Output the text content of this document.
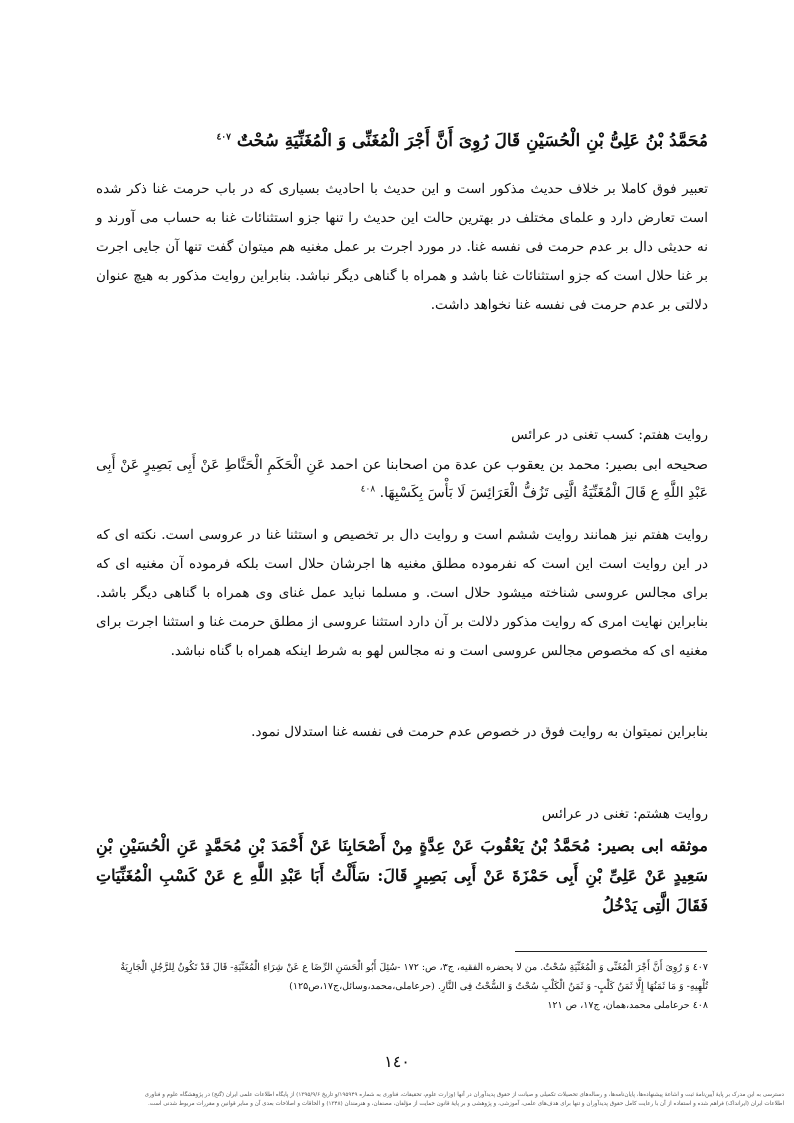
مُحَمَّدُ بْنُ عَلِیُّ بْنِ الْحُسَیْنِ قَالَ رُوِیَ أَنَّ أَجْرَ الْمُغَنِّی وَ الْمُغَنِّیَةِ سُحْتٌ $^{٤٠٧}$
تعبیر فوق کاملا بر خلاف حدیث مذکور است و این حدیث با احادیث بسیاری که در باب حرمت غنا ذکر شده است تعارض دارد و علمای مختلف در بهترین حالت این حدیث را تنها جزو استثنائات غنا به حساب می آورند و نه حدیثی دال بر عدم حرمت فی نفسه غنا. در مورد اجرت بر عمل مغنیه هم میتوان گفت تنها آن جایی اجرت بر غنا حلال است که جزو استثنائات غنا باشد و همراه با گناهی دیگر نباشد. بنابراین روایت مذکور به هیچ عنوان دلالتی بر عدم حرمت فی نفسه غنا نخواهد داشت.
روایت هفتم: کسب تغنی در عرائس
صحیحه ابی بصیر: محمد بن یعقوب عن عدة من اصحابنا عن احمد عَنِ الْحَكَمِ الْحَنَّاطِ عَنْ أَبِی بَصِیرٍ عَنْ أَبِی عَبْدِ اللَّهِ ع قَالَ الْمُغَنِّیَةُ الَّتِی تَزُفُّ الْعَرَائِسَ لَا بَأْسَ بِكَسْبِهَا. $^{٤٠٨}$
روایت هفتم نیز همانند روایت ششم است و روایت دال بر تخصیص و استثنا غنا در عروسی است. نکته ای که در این روایت است این است که نفرموده مطلق مغنیه ها اجرشان حلال است بلکه فرموده آن مغنیه ای که برای مجالس عروسی شناخته میشود حلال است. و مسلما نباید عمل غنای وی همراه با گناهی دیگر باشد. بنابراین نهایت امری که روایت مذکور دلالت بر آن دارد استثنا عروسی از مطلق حرمت غنا و استثنا اجرت برای مغنیه ای که مخصوص مجالس عروسی است و نه مجالس لهو به شرط اینکه همراه با گناه نباشد.
بنابراین نمیتوان به روایت فوق در خصوص عدم حرمت فی نفسه غنا استدلال نمود.
روایت هشتم: تغنی در عرائس
موثقه ابی بصیر: مُحَمَّدُ بْنُ یَعْقُوبَ عَنْ عِدَّةٍ مِنْ أَصْحَابِنَا عَنْ أَحْمَدَ بْنِ مُحَمَّدٍ عَنِ الْحُسَیْنِ بْنِ سَعِیدٍ عَنْ عَلِیِّ بْنِ أَبِی حَمْزَةَ عَنْ أَبِی بَصِیرٍ قَالَ: سَأَلْتُ أَبَا عَبْدِ اللَّهِ ع عَنْ كَسْبِ الْمُغَنِّیَاتِ فَقَالَ الَّتِی یَدْخُلُ

٤٠٧ وَ رُوِیَ أَنَّ أَجْرَ الْمُغَنِّی وَ الْمُغَنِّیَةِ سُحْتٌ. من لا یحضره الفقیه، ج۳، ص: ۱۷۲ -سُئِلَ أَبُو الْحَسَنِ الرِّضَا ع عَنْ شِرَاءِ الْمُغَنِّیَةِ- قَالَ قَدْ تَكُونُ لِلرَّجُلِ الْجَارِیَةُ تُلْهِیهِ- وَ مَا ثَمَنُهَا إِلَّا ثَمَنُ كَلْبٍ- وَ ثَمَنُ الْكَلْبِ سُحْتٌ وَ السُّحْتُ فِی النَّارِ. (حرعاملی،محمد،وسائل،ج۱۷،ص۱۲۵)

٤٠٨ حرعاملی محمد،همان، ج۱۷، ص ۱۲۱

١٤٠

دسترسی به این مدرک بر پایهٔ آیین‌نامهٔ ثبت و اشاعهٔ پیشنهاده‌ها، پایان‌نامه‌ها، و رساله‌های تحصیلات تکمیلی و صیانت از حقوق پدیدآوران در آنها (وزارت علوم، تحقیقات، فناوری به شماره ۱۹۵۹۴۹/و تاریخ ۱۳۹۵/۹/۶) از پایگاه اطلاعات علمی ایران (گنج) در پژوهشگاه علوم و فناوری

اطلاعات ایران (ایرانداک) فراهم شده و استفاده از آن با رعایت کامل حقوق پدیدآوران و تنها برای هدف‌های علمی، آموزشی، و پژوهشی و بر پایهٔ قانون حمایت از مؤلفان، مصنفان، و هنرمندان (۱۳۴۸) و الحاقات و اصلاحات بعدی آن و سایر قوانین و مقررات مربوط شدنی است.
